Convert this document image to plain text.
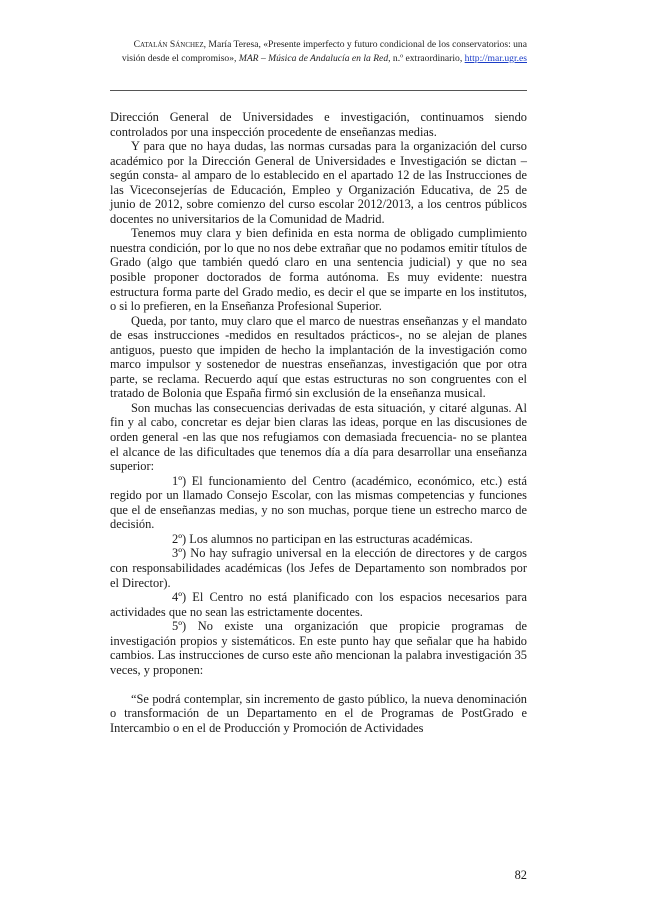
Catalán Sánchez, María Teresa, «Presente imperfecto y futuro condicional de los conservatorios: una visión desde el compromiso», MAR – Música de Andalucía en la Red, n.º extraordinario, http://mar.ugr.es

Dirección General de Universidades e investigación, continuamos siendo controlados por una inspección procedente de enseñanzas medias.

Y para que no haya dudas, las normas cursadas para la organización del curso académico por la Dirección General de Universidades e Investigación se dictan –según consta- al amparo de lo establecido en el apartado 12 de las Instrucciones de las Viceconsejerías de Educación, Empleo y Organización Educativa, de 25 de junio de 2012, sobre comienzo del curso escolar 2012/2013, a los centros públicos docentes no universitarios de la Comunidad de Madrid.

Tenemos muy clara y bien definida en esta norma de obligado cumplimiento nuestra condición, por lo que no nos debe extrañar que no podamos emitir títulos de Grado (algo que también quedó claro en una sentencia judicial) y que no sea posible proponer doctorados de forma autónoma. Es muy evidente: nuestra estructura forma parte del Grado medio, es decir el que se imparte en los institutos, o si lo prefieren, en la Enseñanza Profesional Superior.

Queda, por tanto, muy claro que el marco de nuestras enseñanzas y el mandato de esas instrucciones -medidos en resultados prácticos-, no se alejan de planes antiguos, puesto que impiden de hecho la implantación de la investigación como marco impulsor y sostenedor de nuestras enseñanzas, investigación que por otra parte, se reclama. Recuerdo aquí que estas estructuras no son congruentes con el tratado de Bolonia que España firmó sin exclusión de la enseñanza musical.

Son muchas las consecuencias derivadas de esta situación, y citaré algunas. Al fin y al cabo, concretar es dejar bien claras las ideas, porque en las discusiones de orden general -en las que nos refugiamos con demasiada frecuencia- no se plantea el alcance de las dificultades que tenemos día a día para desarrollar una enseñanza superior:

1º) El funcionamiento del Centro (académico, económico, etc.) está regido por un llamado Consejo Escolar, con las mismas competencias y funciones que el de enseñanzas medias, y no son muchas, porque tiene un estrecho marco de decisión.

2º) Los alumnos no participan en las estructuras académicas.

3º) No hay sufragio universal en la elección de directores y de cargos con responsabilidades académicas (los Jefes de Departamento son nombrados por el Director).

4º) El Centro no está planificado con los espacios necesarios para actividades que no sean las estrictamente docentes.

5º) No existe una organización que propicie programas de investigación propios y sistemáticos. En este punto hay que señalar que ha habido cambios. Las instrucciones de curso este año mencionan la palabra investigación 35 veces, y proponen:

“Se podrá contemplar, sin incremento de gasto público, la nueva denominación o transformación de un Departamento en el de Programas de PostGrado e Intercambio o en el de Producción y Promoción de Actividades

82
